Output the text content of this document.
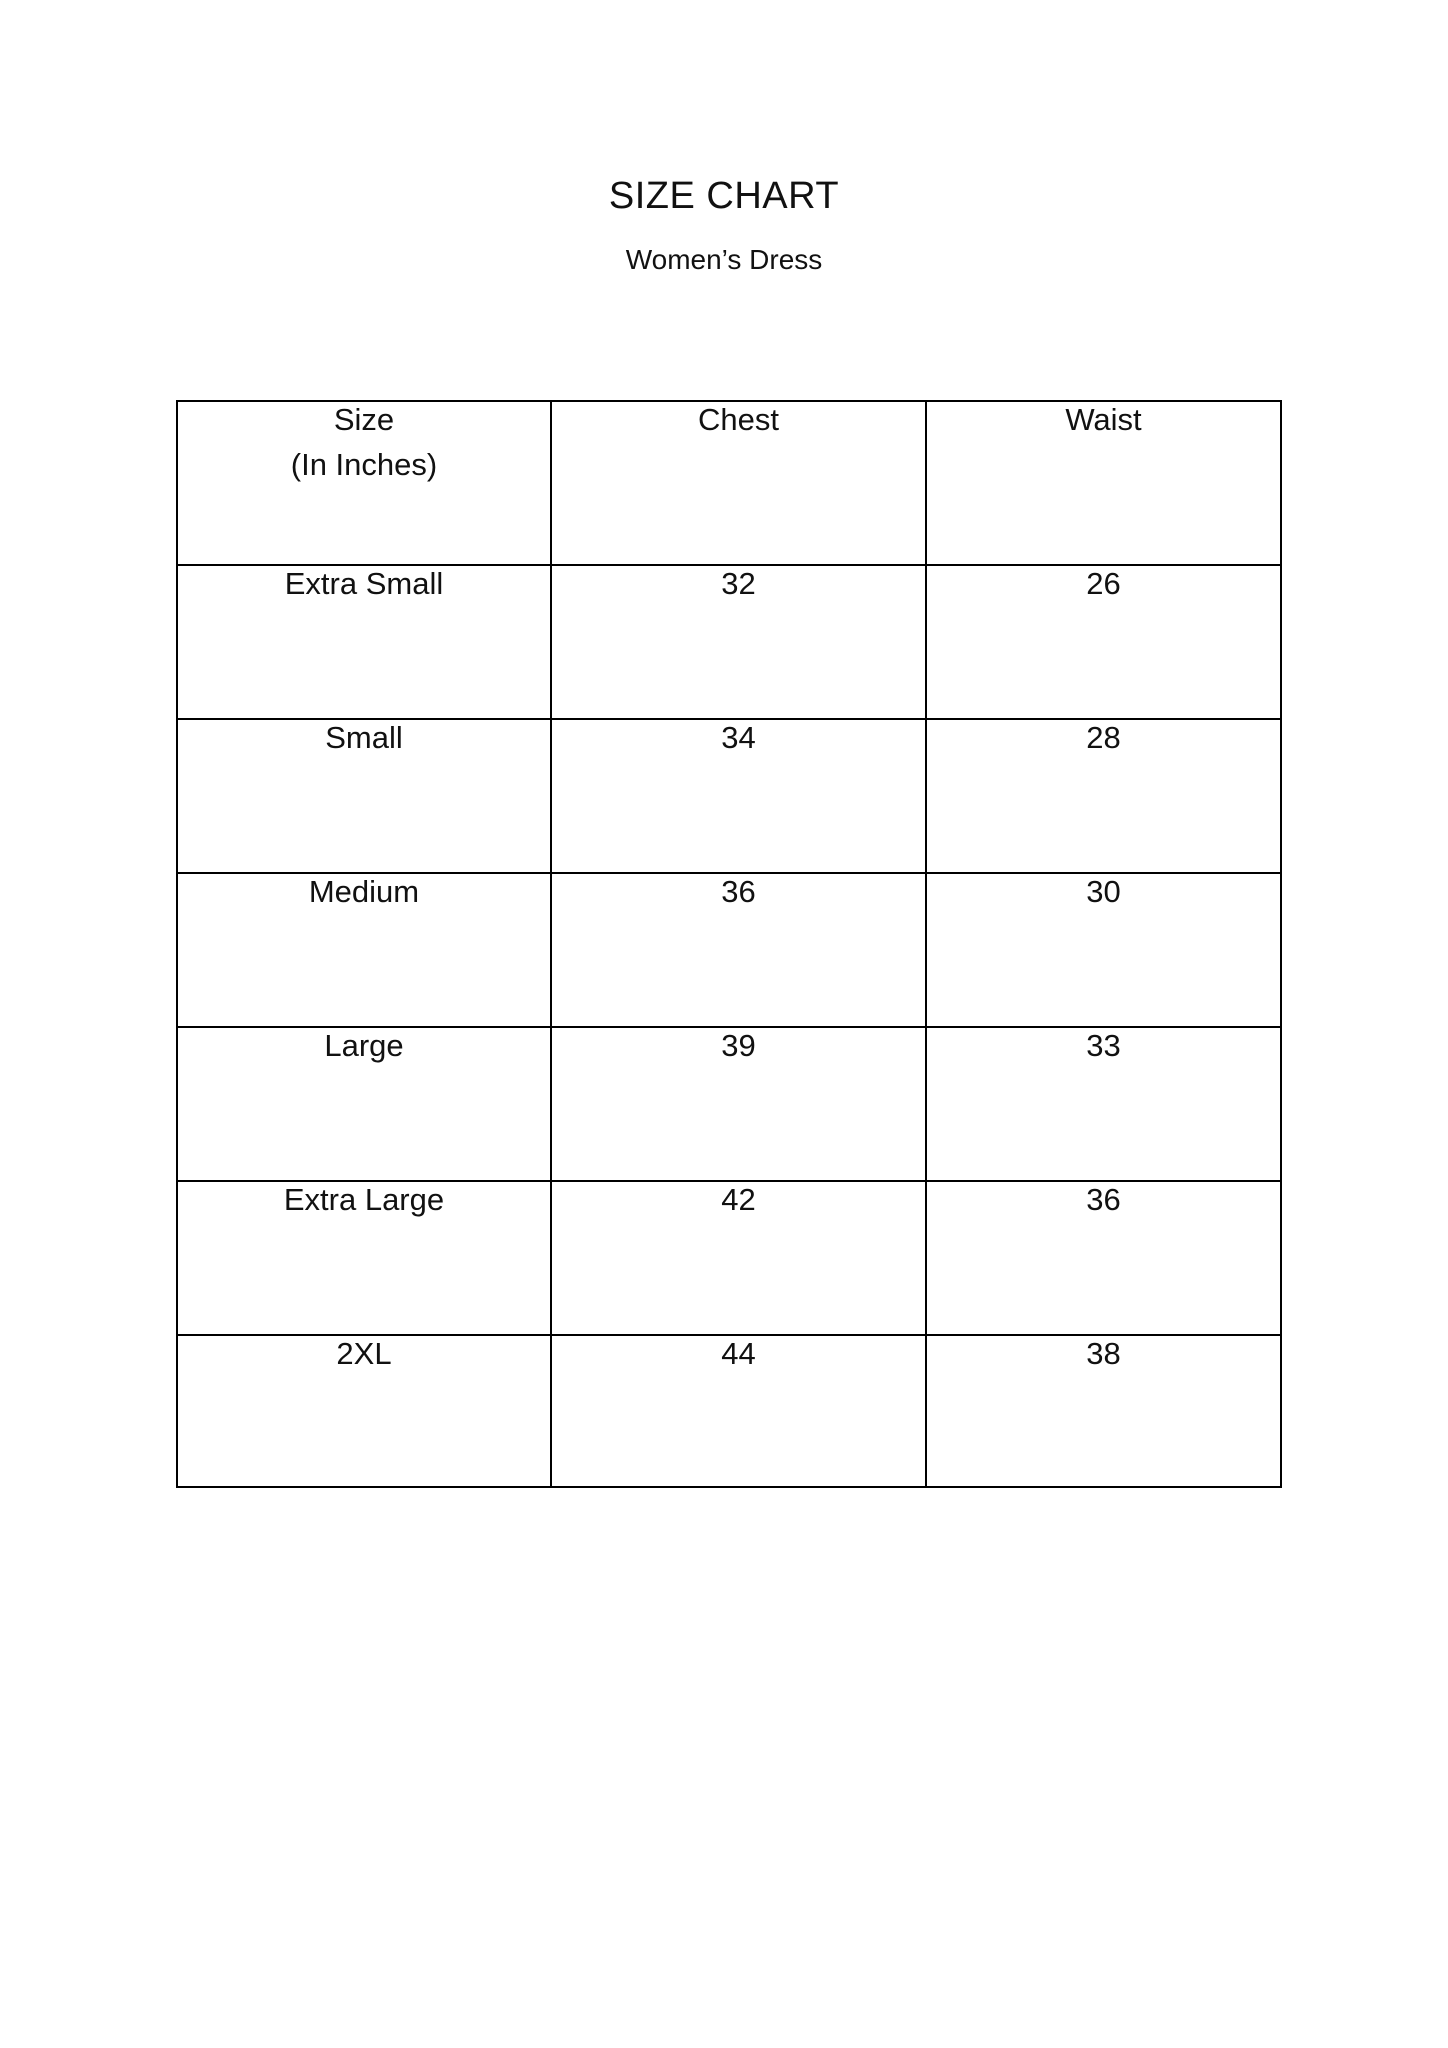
SIZE CHART
Women’s Dress
Size
(In Inches)	Chest	Waist
Extra Small	32	26
Small	34	28
Medium	36	30
Large	39	33
Extra Large	42	36
2XL	44	38
